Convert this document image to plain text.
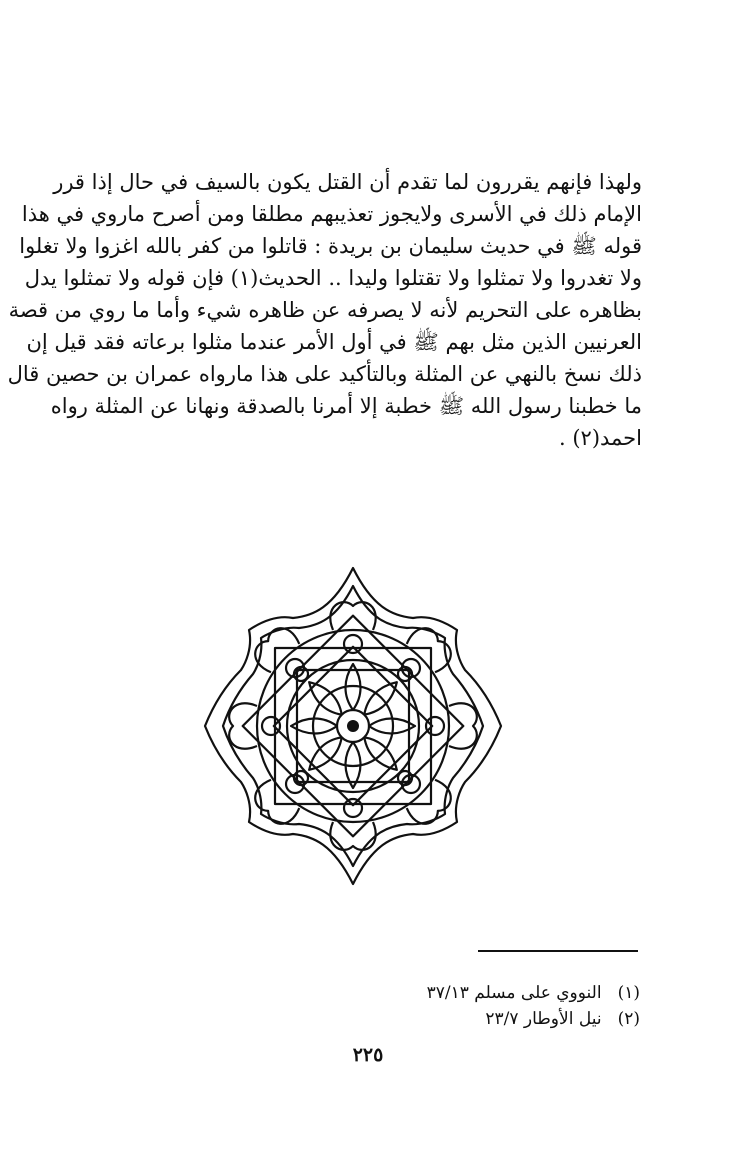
ولهذا فإنهم يقررون لما تقدم أن القتل يكون بالسيف في حال إذا قرر
الإمام ذلك في الأسرى ولايجوز تعذيبهم مطلقا ومن أصرح ماروي في هذا
قوله ﷺ في حديث سليمان بن بريدة : قاتلوا من كفر بالله اغزوا ولا تغلوا
ولا تغدروا ولا تمثلوا ولا تقتلوا وليدا .. الحديث(١) فإن قوله ولا تمثلوا يدل
بظاهره على التحريم لأنه لا يصرفه عن ظاهره شيء وأما ما روي من قصة
العرنيين الذين مثل بهم ﷺ في أول الأمر عندما مثلوا برعاته فقد قيل إن
ذلك نسخ بالنهي عن المثلة وبالتأكيد على هذا مارواه عمران بن حصين قال
ما خطبنا رسول الله ﷺ خطبة إلا أمرنا بالصدقة ونهانا عن المثلة رواه
احمد(٢) .
(١)النووي على مسلم ٣٧/١٣
(٢)نيل الأوطار ٢٣/٧
٢٢٥
